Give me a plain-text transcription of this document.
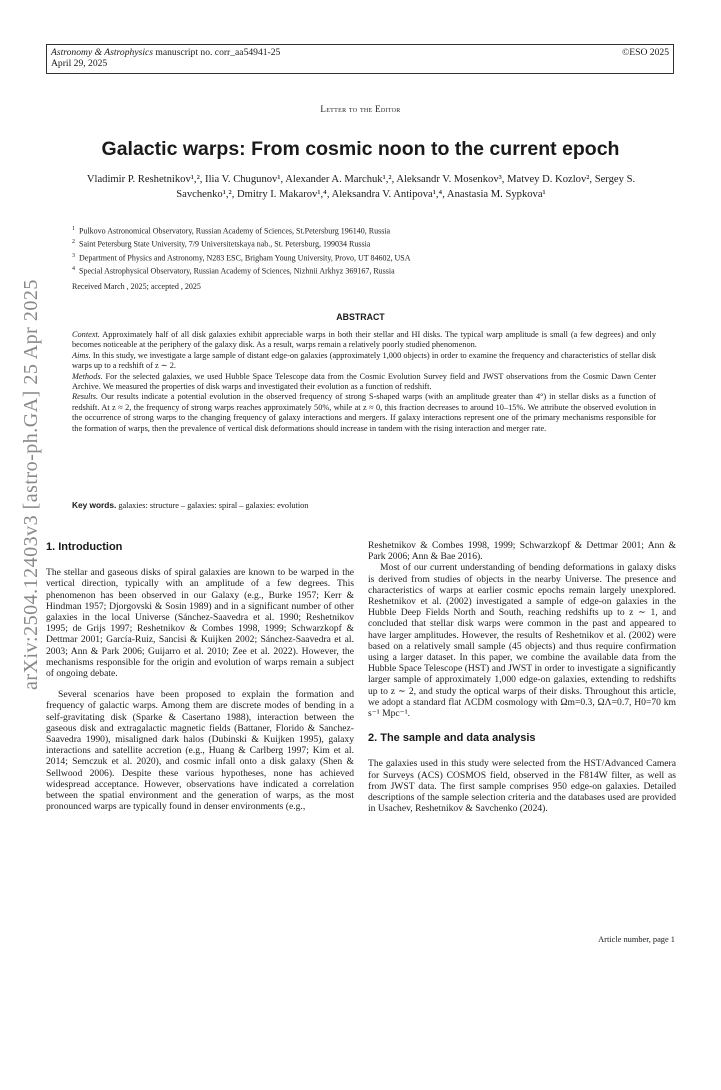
Astronomy & Astrophysics manuscript no. corr_aa54941-25
April 29, 2025
©ESO 2025
Letter to the Editor
Galactic warps: From cosmic noon to the current epoch
Vladimir P. Reshetnikov¹,², Ilia V. Chugunov¹, Alexander A. Marchuk¹,², Aleksandr V. Mosenkov³, Matvey D. Kozlov², Sergey S. Savchenko¹,², Dmitry I. Makarov¹,⁴, Aleksandra V. Antipova¹,⁴, Anastasia M. Sypkova¹
$^1$ Pulkovo Astronomical Observatory, Russian Academy of Sciences, St.Petersburg 196140, Russia
$^2$ Saint Petersburg State University, 7/9 Universitetskaya nab., St. Petersburg, 199034 Russia
$^3$ Department of Physics and Astronomy, N283 ESC, Brigham Young University, Provo, UT 84602, USA
$^4$ Special Astrophysical Observatory, Russian Academy of Sciences, Nizhnii Arkhyz 369167, Russia
Received March , 2025; accepted , 2025
ABSTRACT

Context. Approximately half of all disk galaxies exhibit appreciable warps in both their stellar and HI disks. The typical warp amplitude is small (a few degrees) and only becomes noticeable at the periphery of the galaxy disk. As a result, warps remain a relatively poorly studied phenomenon.

Aims. In this study, we investigate a large sample of distant edge-on galaxies (approximately 1,000 objects) in order to examine the frequency and characteristics of stellar disk warps up to a redshift of z ∼ 2.

Methods. For the selected galaxies, we used Hubble Space Telescope data from the Cosmic Evolution Survey field and JWST observations from the Cosmic Dawn Center Archive. We measured the properties of disk warps and investigated their evolution as a function of redshift.

Results. Our results indicate a potential evolution in the observed frequency of strong S-shaped warps (with an amplitude greater than 4°) in stellar disks as a function of redshift. At z ≈ 2, the frequency of strong warps reaches approximately 50%, while at z ≈ 0, this fraction decreases to around 10–15%. We attribute the observed evolution in the occurrence of strong warps to the changing frequency of galaxy interactions and mergers. If galaxy interactions represent one of the primary mechanisms responsible for the formation of warps, then the prevalence of vertical disk deformations should increase in tandem with the rising interaction and merger rate.

Key words. galaxies: structure – galaxies: spiral – galaxies: evolution
arXiv:2504.12403v3 [astro-ph.GA] 25 Apr 2025 1. Introduction

The stellar and gaseous disks of spiral galaxies are known to be warped in the vertical direction, typically with an amplitude of a few degrees. This phenomenon has been observed in our Galaxy (e.g., Burke 1957; Kerr & Hindman 1957; Djorgovski & Sosin 1989) and in a significant number of other galaxies in the local Universe (Sánchez-Saavedra et al. 1990; Reshetnikov 1995; de Grijs 1997; Reshetnikov & Combes 1998, 1999; Schwarzkopf & Dettmar 2001; García-Ruiz, Sancisi & Kuijken 2002; Sánchez-Saavedra et al. 2003; Ann & Park 2006; Guijarro et al. 2010; Zee et al. 2022). However, the mechanisms responsible for the origin and evolution of warps remain a subject of ongoing debate.

Several scenarios have been proposed to explain the formation and frequency of galactic warps. Among them are discrete modes of bending in a self-gravitating disk (Sparke & Casertano 1988), interaction between the gaseous disk and extragalactic magnetic fields (Battaner, Florido & Sanchez-Saavedra 1990), misaligned dark halos (Dubinski & Kuijken 1995), galaxy interactions and satellite accretion (e.g., Huang & Carlberg 1997; Kim et al. 2014; Semczuk et al. 2020), and cosmic infall onto a disk galaxy (Shen & Sellwood 2006). Despite these various hypotheses, none has achieved widespread acceptance. However, observations have indicated a correlation between the spatial environment and the generation of warps, as the most pronounced warps are typically found in denser environments (e.g.,

Reshetnikov & Combes 1998, 1999; Schwarzkopf & Dettmar 2001; Ann & Park 2006; Ann & Bae 2016).

Most of our current understanding of bending deformations in galaxy disks is derived from studies of objects in the nearby Universe. The presence and characteristics of warps at earlier cosmic epochs remain largely unexplored. Reshetnikov et al. (2002) investigated a sample of edge-on galaxies in the Hubble Deep Fields North and South, reaching redshifts up to z ∼ 1, and concluded that stellar disk warps were common in the past and appeared to have larger amplitudes. However, the results of Reshetnikov et al. (2002) were based on a relatively small sample (45 objects) and thus require confirmation using a larger dataset. In this paper, we combine the available data from the Hubble Space Telescope (HST) and JWST in order to investigate a significantly larger sample of approximately 1,000 edge-on galaxies, extending to redshifts up to z ∼ 2, and study the optical warps of their disks. Throughout this article, we adopt a standard flat ΛCDM cosmology with Ωm=0.3, ΩΛ=0.7, H0=70 km s⁻¹ Mpc⁻¹.

2. The sample and data analysis

The galaxies used in this study were selected from the HST/Advanced Camera for Surveys (ACS) COSMOS field, observed in the F814W filter, as well as from JWST data. The first sample comprises 950 edge-on galaxies. Detailed descriptions of the sample selection criteria and the databases used are provided in Usachev, Reshetnikov & Savchenko (2024).

Article number, page 1
